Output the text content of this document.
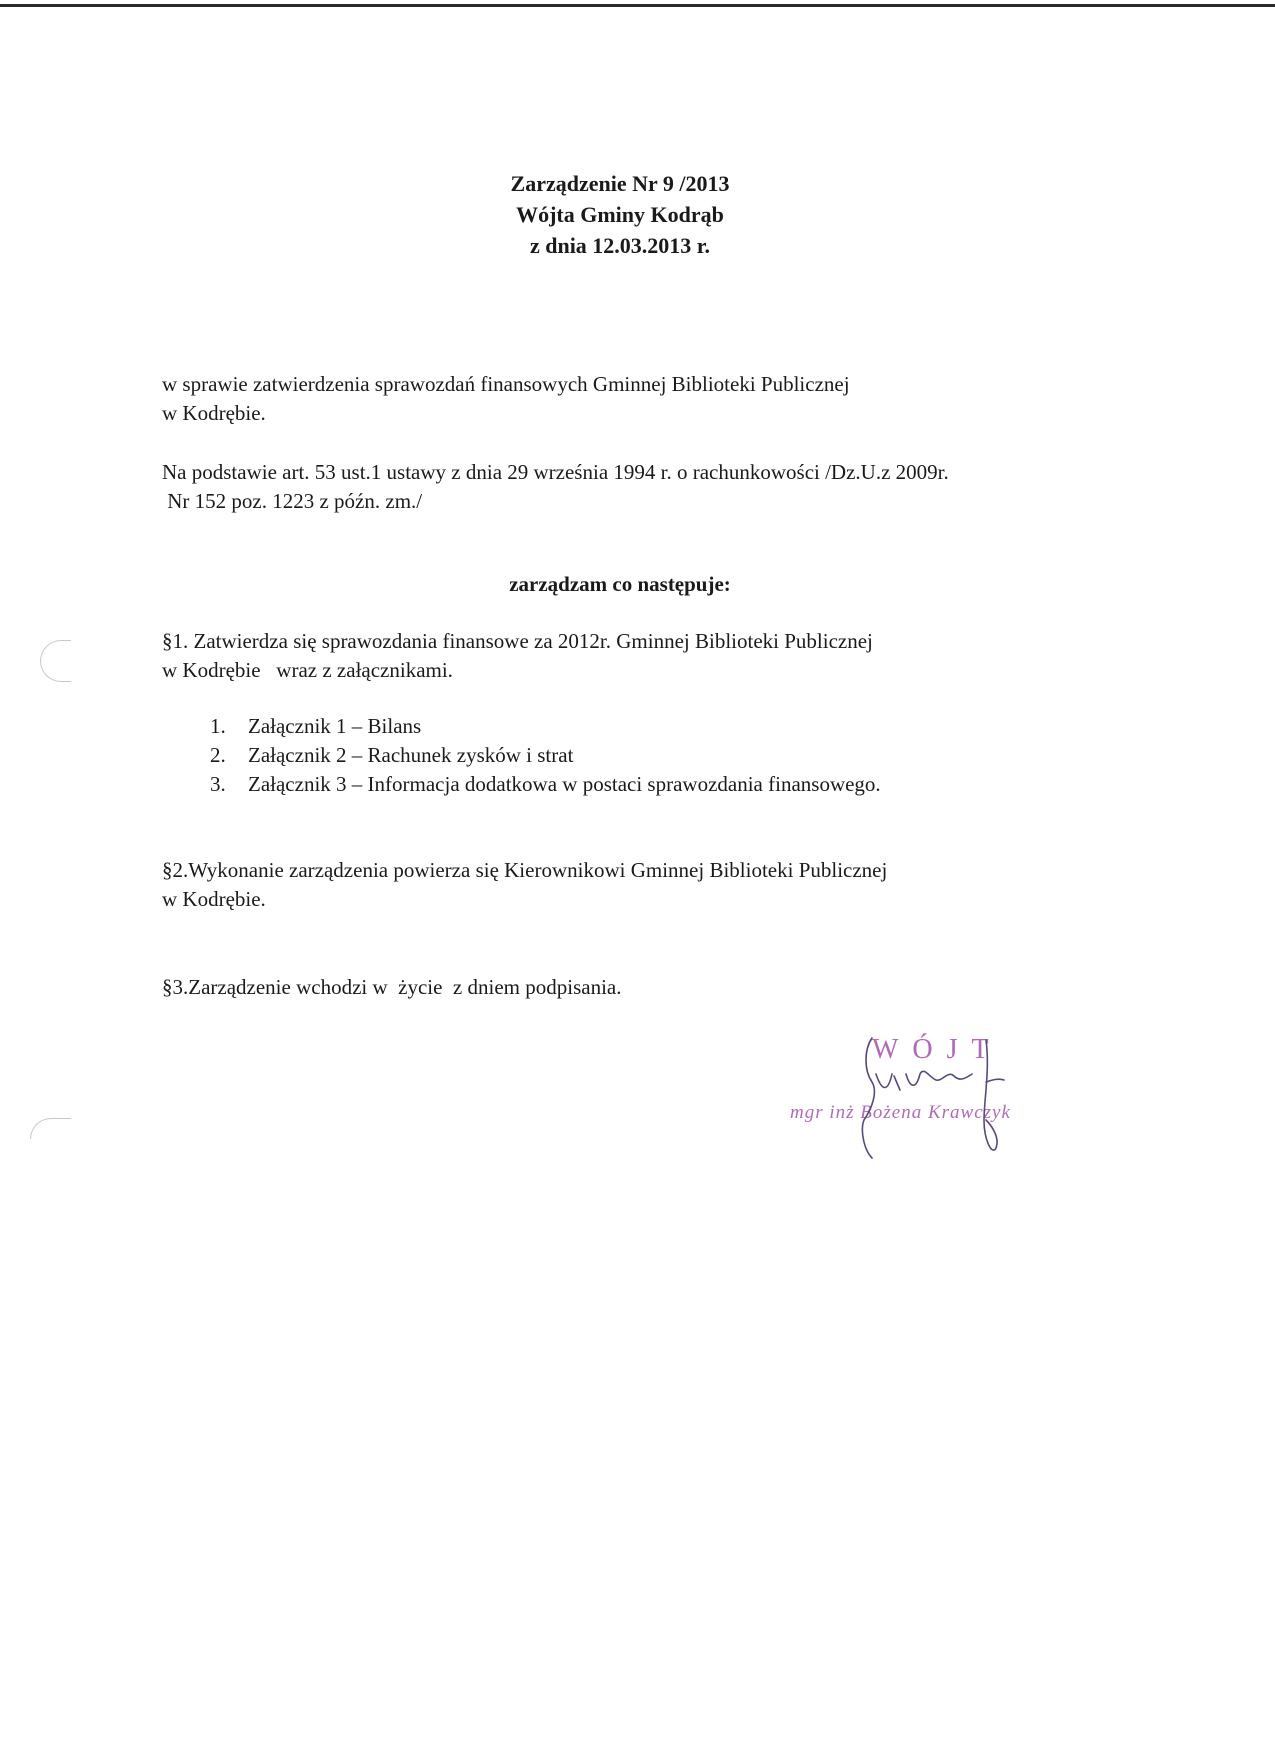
Zarządzenie Nr 9 /2013
Wójta Gminy Kodrąb
z dnia 12.03.2013 r.

w sprawie zatwierdzenia sprawozdań finansowych Gminnej Biblioteki Publicznej

w Kodrębie.

Na podstawie art. 53 ust.1 ustawy z dnia 29 września 1994 r. o rachunkowości /Dz.U.z 2009r.

Nr 152 poz. 1223 z późn. zm./

zarządzam co następuje:

§1. Zatwierdza się sprawozdania finansowe za 2012r. Gminnej Biblioteki Publicznej

w Kodrębie   wraz z załącznikami.

1.	Załącznik 1 – Bilans
2.	Załącznik 2 – Rachunek zysków i strat
3.	Załącznik 3 – Informacja dodatkowa w postaci sprawozdania finansowego.

§2.Wykonanie zarządzenia powierza się Kierownikowi Gminnej Biblioteki Publicznej

w Kodrębie.

§3.Zarządzenie wchodzi w  życie  z dniem podpisania.

WÓJT
mgr inż Bożena Krawczyk
